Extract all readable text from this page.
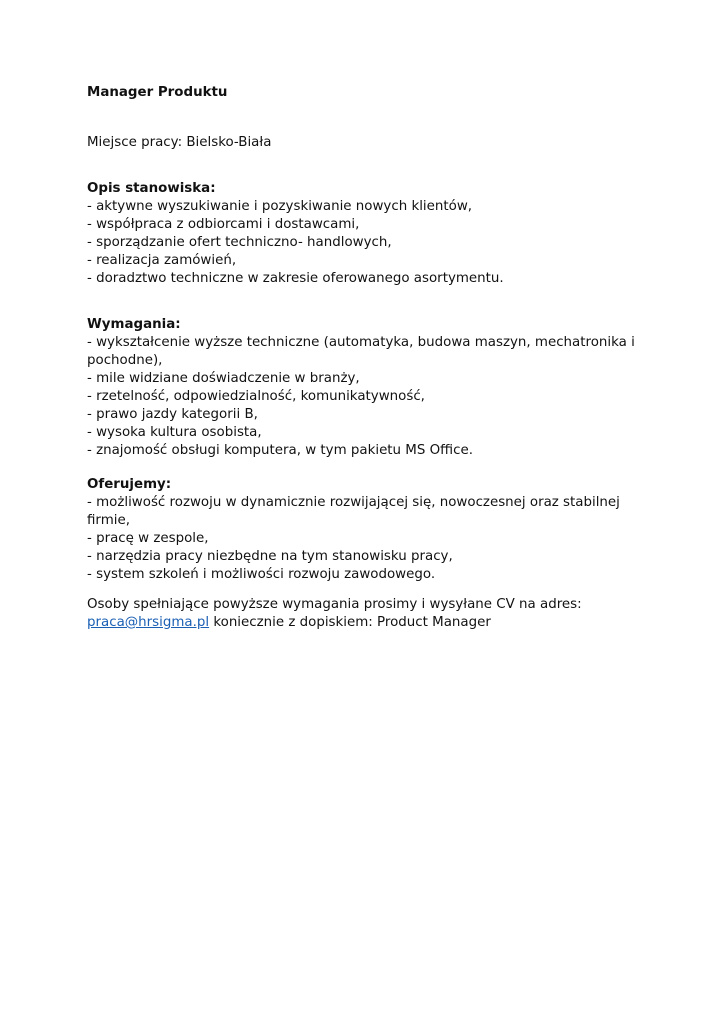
Manager Produktu
Miejsce pracy: Bielsko-Biała
Opis stanowiska:
- aktywne wyszukiwanie i pozyskiwanie nowych klientów,
- współpraca z odbiorcami i dostawcami,
- sporządzanie ofert techniczno- handlowych,
- realizacja zamówień,
- doradztwo techniczne w zakresie oferowanego asortymentu.
Wymagania:
- wykształcenie wyższe techniczne (automatyka, budowa maszyn, mechatronika i pochodne),
- mile widziane doświadczenie w branży,
- rzetelność, odpowiedzialność, komunikatywność,
- prawo jazdy kategorii B,
- wysoka kultura osobista,
- znajomość obsługi komputera, w tym pakietu MS Office.
Oferujemy:
- możliwość rozwoju w dynamicznie rozwijającej się, nowoczesnej oraz stabilnej firmie,
- pracę w zespole,
- narzędzia pracy niezbędne na tym stanowisku pracy,
- system szkoleń i możliwości rozwoju zawodowego.
Osoby spełniające powyższe wymagania prosimy i wysyłane CV na adres:
praca@hrsigma.pl koniecznie z dopiskiem: Product Manager
